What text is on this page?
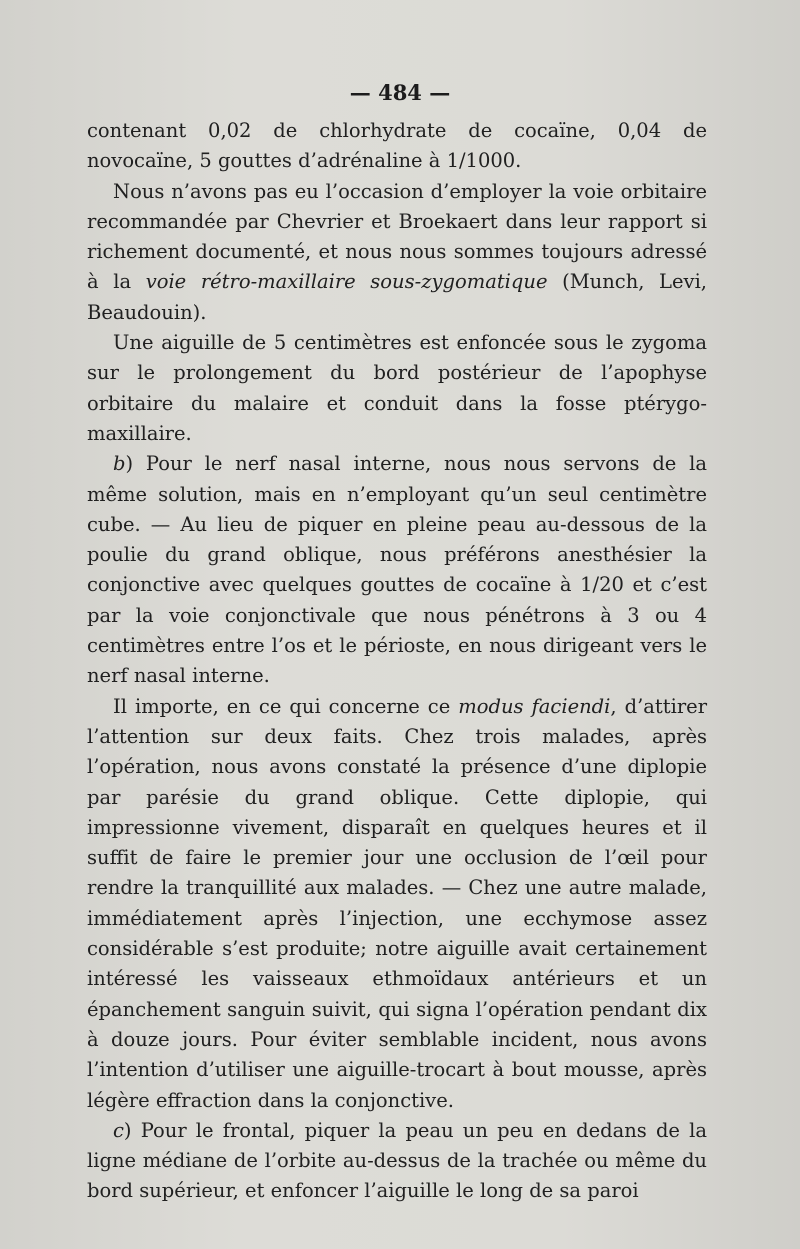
— 484 —

contenant 0,02 de chlorhydrate de cocaïne, 0,04 de novocaïne, 5 gouttes d’adrénaline à 1/1000.

Nous n’avons pas eu l’occasion d’employer la voie orbitaire recommandée par Chevrier et Broekaert dans leur rapport si richement documenté, et nous nous sommes toujours adressé à la voie rétro-maxillaire sous-zygomatique (Munch, Levi, Beaudouin).

Une aiguille de 5 centimètres est enfoncée sous le zygoma sur le prolongement du bord postérieur de l’apophyse orbitaire du malaire et conduit dans la fosse ptérygo-maxillaire.

b) Pour le nerf nasal interne, nous nous servons de la même solution, mais en n’employant qu’un seul centimètre cube. — Au lieu de piquer en pleine peau au-dessous de la poulie du grand oblique, nous préférons anesthésier la conjonctive avec quelques gouttes de cocaïne à 1/20 et c’est par la voie conjonctivale que nous pénétrons à 3 ou 4 centimètres entre l’os et le périoste, en nous dirigeant vers le nerf nasal interne.

Il importe, en ce qui concerne ce modus faciendi, d’attirer l’attention sur deux faits. Chez trois malades, après l’opération, nous avons constaté la présence d’une diplopie par parésie du grand oblique. Cette diplopie, qui impressionne vivement, disparaît en quelques heures et il suffit de faire le premier jour une occlusion de l’œil pour rendre la tranquillité aux malades. — Chez une autre malade, immédiatement après l’injection, une ecchymose assez considérable s’est produite; notre aiguille avait certainement intéressé les vaisseaux ethmoïdaux antérieurs et un épanchement sanguin suivit, qui signa l’opération pendant dix à douze jours. Pour éviter semblable incident, nous avons l’intention d’utiliser une aiguille-trocart à bout mousse, après légère effraction dans la conjonctive.

c) Pour le frontal, piquer la peau un peu en dedans de la ligne médiane de l’orbite au-dessus de la trachée ou même du bord supérieur, et enfoncer l’aiguille le long de sa paroi
